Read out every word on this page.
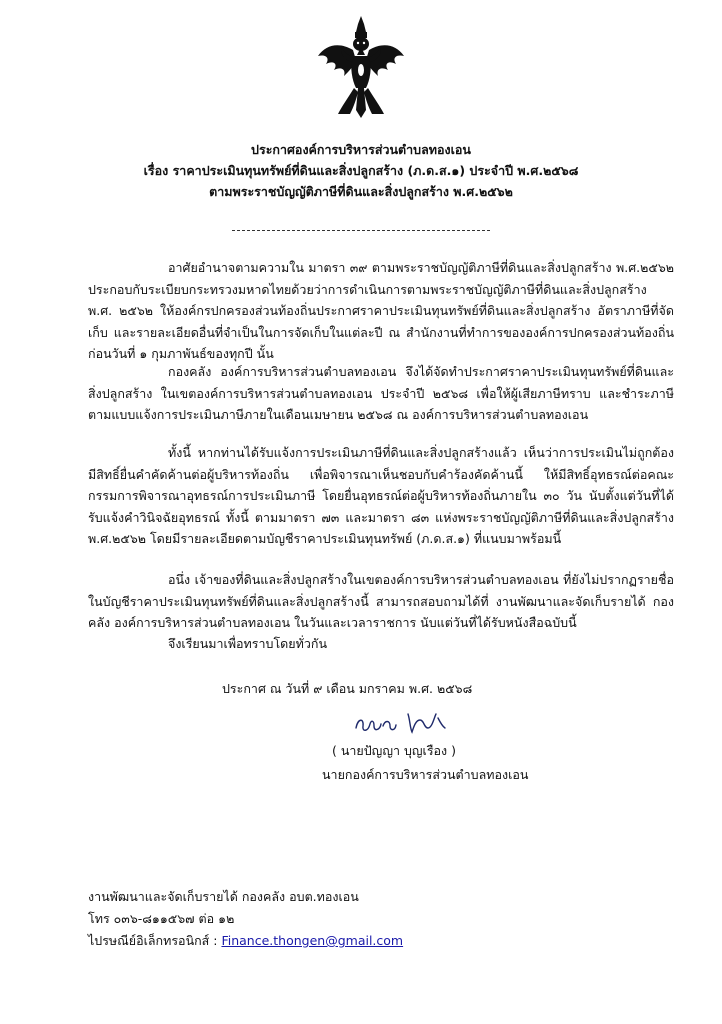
ประกาศองค์การบริหารส่วนตำบลทองเอน
เรื่อง ราคาประเมินทุนทรัพย์ที่ดินและสิ่งปลูกสร้าง (ภ.ด.ส.๑) ประจำปี พ.ศ.๒๕๖๘
ตามพระราชบัญญัติภาษีที่ดินและสิ่งปลูกสร้าง พ.ศ.๒๕๖๒

อาศัยอำนาจตามความใน มาตรา ๓๙ ตามพระราชบัญญัติภาษีที่ดินและสิ่งปลูกสร้าง พ.ศ.๒๕๖๒ ประกอบกับระเบียบกระทรวงมหาดไทยด้วยว่าการดำเนินการตามพระราชบัญญัติภาษีที่ดินและสิ่งปลูกสร้าง พ.ศ. ๒๕๖๒ ให้องค์กรปกครองส่วนท้องถิ่นประกาศราคาประเมินทุนทรัพย์ที่ดินและสิ่งปลูกสร้าง อัตราภาษีที่จัดเก็บ และรายละเอียดอื่นที่จำเป็นในการจัดเก็บในแต่ละปี ณ สำนักงานที่ทำการขององค์การปกครองส่วนท้องถิ่น ก่อนวันที่ ๑ กุมภาพันธ์ของทุกปี นั้น

กองคลัง องค์การบริหารส่วนตำบลทองเอน จึงได้จัดทำประกาศราคาประเมินทุนทรัพย์ที่ดินและสิ่งปลูกสร้าง ในเขตองค์การบริหารส่วนตำบลทองเอน ประจำปี ๒๕๖๘ เพื่อให้ผู้เสียภาษีทราบ และชำระภาษีตามแบบแจ้งการประเมินภาษีภายในเดือนเมษายน ๒๕๖๘ ณ องค์การบริหารส่วนตำบลทองเอน

ทั้งนี้ หากท่านได้รับแจ้งการประเมินภาษีที่ดินและสิ่งปลูกสร้างแล้ว เห็นว่าการประเมินไม่ถูกต้อง มีสิทธิ์ยื่นคำคัดค้านต่อผู้บริหารท้องถิ่น เพื่อพิจารณาเห็นชอบกับคำร้องคัดค้านนี้ ให้มีสิทธิ์อุทธรณ์ต่อคณะกรรมการพิจารณาอุทธรณ์การประเมินภาษี โดยยื่นอุทธรณ์ต่อผู้บริหารท้องถิ่นภายใน ๓๐ วัน นับตั้งแต่วันที่ได้รับแจ้งคำวินิจฉัยอุทธรณ์ ทั้งนี้ ตามมาตรา ๗๓ และมาตรา ๘๓ แห่งพระราชบัญญัติภาษีที่ดินและสิ่งปลูกสร้าง พ.ศ.๒๕๖๒ โดยมีรายละเอียดตามบัญชีราคาประเมินทุนทรัพย์ (ภ.ด.ส.๑) ที่แนบมาพร้อมนี้

อนึ่ง เจ้าของที่ดินและสิ่งปลูกสร้างในเขตองค์การบริหารส่วนตำบลทองเอน ที่ยังไม่ปรากฏรายชื่อในบัญชีราคาประเมินทุนทรัพย์ที่ดินและสิ่งปลูกสร้างนี้ สามารถสอบถามได้ที่ งานพัฒนาและจัดเก็บรายได้ กองคลัง องค์การบริหารส่วนตำบลทองเอน ในวันและเวลาราชการ นับแต่วันที่ได้รับหนังสือฉบับนี้

จึงเรียนมาเพื่อทราบโดยทั่วกัน
ประกาศ ณ วันที่ ๙ เดือน มกราคม พ.ศ. ๒๕๖๘
( นายปัญญา บุญเรือง )
นายกองค์การบริหารส่วนตำบลทองเอน
งานพัฒนาและจัดเก็บรายได้ กองคลัง อบต.ทองเอน
โทร ๐๓๖-๘๑๑๕๖๗ ต่อ ๑๒
ไปรษณีย์อิเล็กทรอนิกส์ : Finance.thongen@gmail.com
